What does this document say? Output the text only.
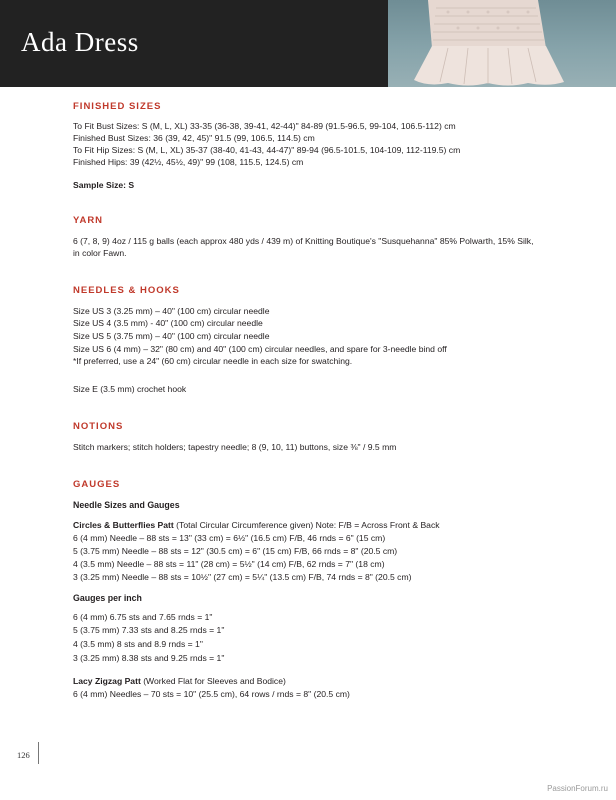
Ada Dress
FINISHED SIZES
To Fit Bust Sizes: S (M, L, XL) 33-35 (36-38, 39-41, 42-44)" 84-89 (91.5-96.5, 99-104, 106.5-112) cm
Finished Bust Sizes: 36 (39, 42, 45)" 91.5 (99, 106.5, 114.5) cm
To Fit Hip Sizes: S (M, L, XL) 35-37 (38-40, 41-43, 44-47)" 89-94 (96.5-101.5, 104-109, 112-119.5) cm
Finished Hips: 39 (42½, 45½, 49)" 99 (108, 115.5, 124.5) cm
Sample Size: S
YARN
6 (7, 8, 9) 4oz / 115 g balls (each approx 480 yds / 439 m) of Knitting Boutique's "Susquehanna" 85% Polwarth, 15% Silk,
in color Fawn.
NEEDLES & HOOKS
Size US 3 (3.25 mm) – 40" (100 cm) circular needle
Size US 4 (3.5 mm) - 40" (100 cm) circular needle
Size US 5 (3.75 mm) – 40" (100 cm) circular needle
Size US 6 (4 mm) – 32" (80 cm) and 40" (100 cm) circular needles, and spare for 3-needle bind off
*If preferred, use a 24" (60 cm) circular needle in each size for swatching.
Size E (3.5 mm) crochet hook
NOTIONS
Stitch markers; stitch holders; tapestry needle; 8 (9, 10, 11) buttons, size ⅜" / 9.5 mm
GAUGES
Needle Sizes and Gauges
Circles & Butterflies Patt (Total Circular Circumference given) Note: F/B = Across Front & Back
6 (4 mm) Needle – 88 sts = 13" (33 cm) = 6½" (16.5 cm) F/B, 46 rnds = 6" (15 cm)
5 (3.75 mm) Needle – 88 sts = 12" (30.5 cm) = 6" (15 cm) F/B, 66 rnds = 8" (20.5 cm)
4 (3.5 mm) Needle – 88 sts = 11" (28 cm) = 5½" (14 cm) F/B, 62 rnds = 7" (18 cm)
3 (3.25 mm) Needle – 88 sts = 10½" (27 cm) = 5¼" (13.5 cm) F/B, 74 rnds = 8" (20.5 cm)
Gauges per inch
6 (4 mm) 6.75 sts and 7.65 rnds = 1"
5 (3.75 mm) 7.33 sts and 8.25 rnds = 1"
4 (3.5 mm) 8 sts and 8.9 rnds = 1"
3 (3.25 mm) 8.38 sts and 9.25 rnds = 1"
Lacy Zigzag Patt (Worked Flat for Sleeves and Bodice)
6 (4 mm) Needles – 70 sts = 10" (25.5 cm), 64 rows / rnds = 8" (20.5 cm)
126
PassionForum.ru
